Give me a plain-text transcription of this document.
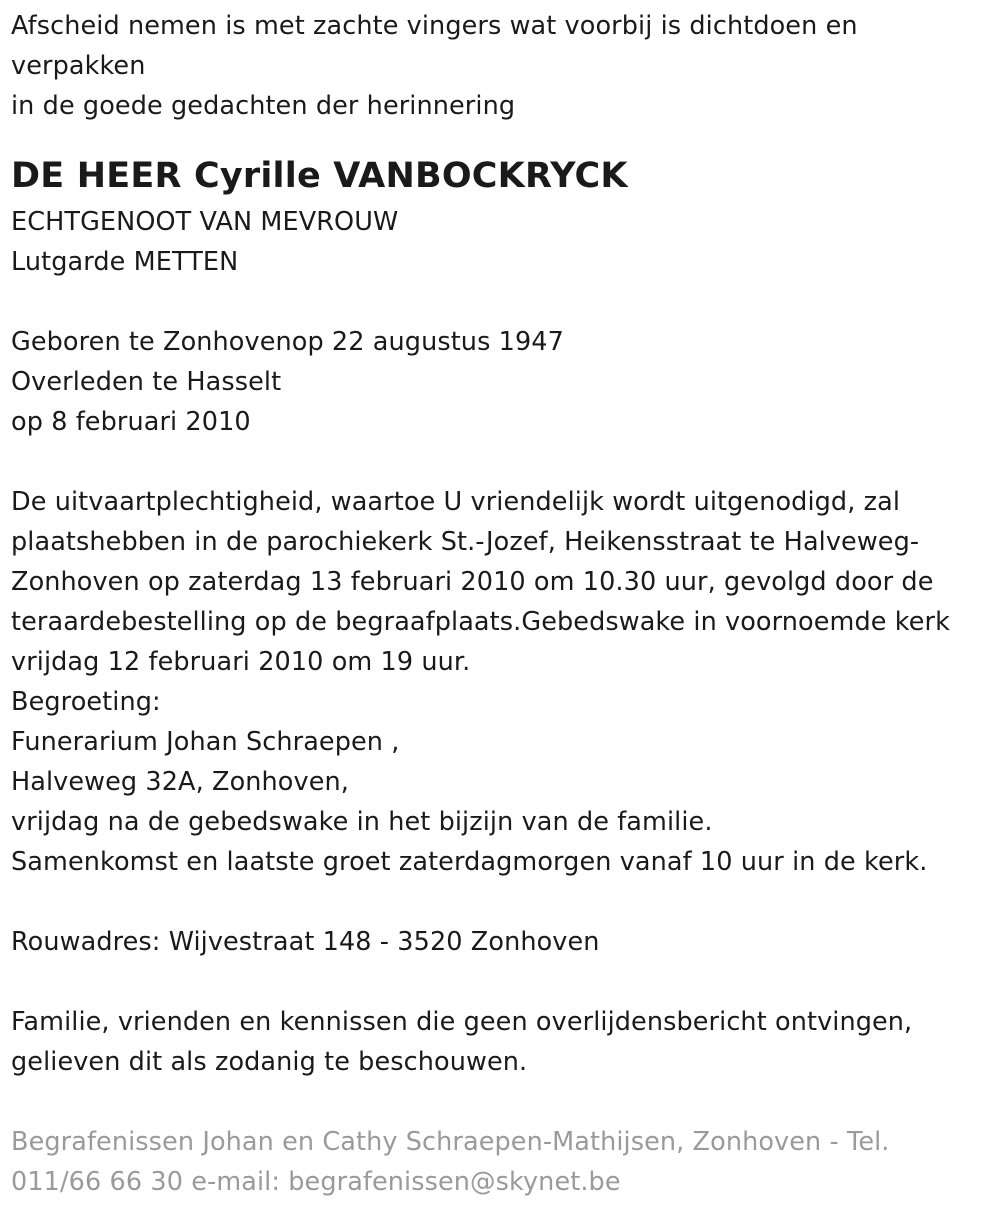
Afscheid nemen is met zachte vingers wat voorbij is dichtdoen en
verpakken
in de goede gedachten der herinnering
DE HEER Cyrille VANBOCKRYCK
ECHTGENOOT VAN MEVROUW
Lutgarde METTEN
Geboren te Zonhovenop 22 augustus 1947
Overleden te Hasselt
op 8 februari 2010
De uitvaartplechtigheid, waartoe U vriendelijk wordt uitgenodigd, zal
plaatshebben in de parochiekerk St.-Jozef, Heikensstraat te Halveweg-
Zonhoven op zaterdag 13 februari 2010 om 10.30 uur, gevolgd door de
teraardebestelling op de begraafplaats.Gebedswake in voornoemde kerk
vrijdag 12 februari 2010 om 19 uur.
Begroeting:
Funerarium Johan Schraepen ,
Halveweg 32A, Zonhoven,
vrijdag na de gebedswake in het bijzijn van de familie.
Samenkomst en laatste groet zaterdagmorgen vanaf 10 uur in de kerk.
Rouwadres: Wijvestraat 148 - 3520 Zonhoven
Familie, vrienden en kennissen die geen overlijdensbericht ontvingen,
gelieven dit als zodanig te beschouwen.
Begrafenissen Johan en Cathy Schraepen-Mathijsen, Zonhoven - Tel.
011/66 66 30 e-mail: begrafenissen@skynet.be
